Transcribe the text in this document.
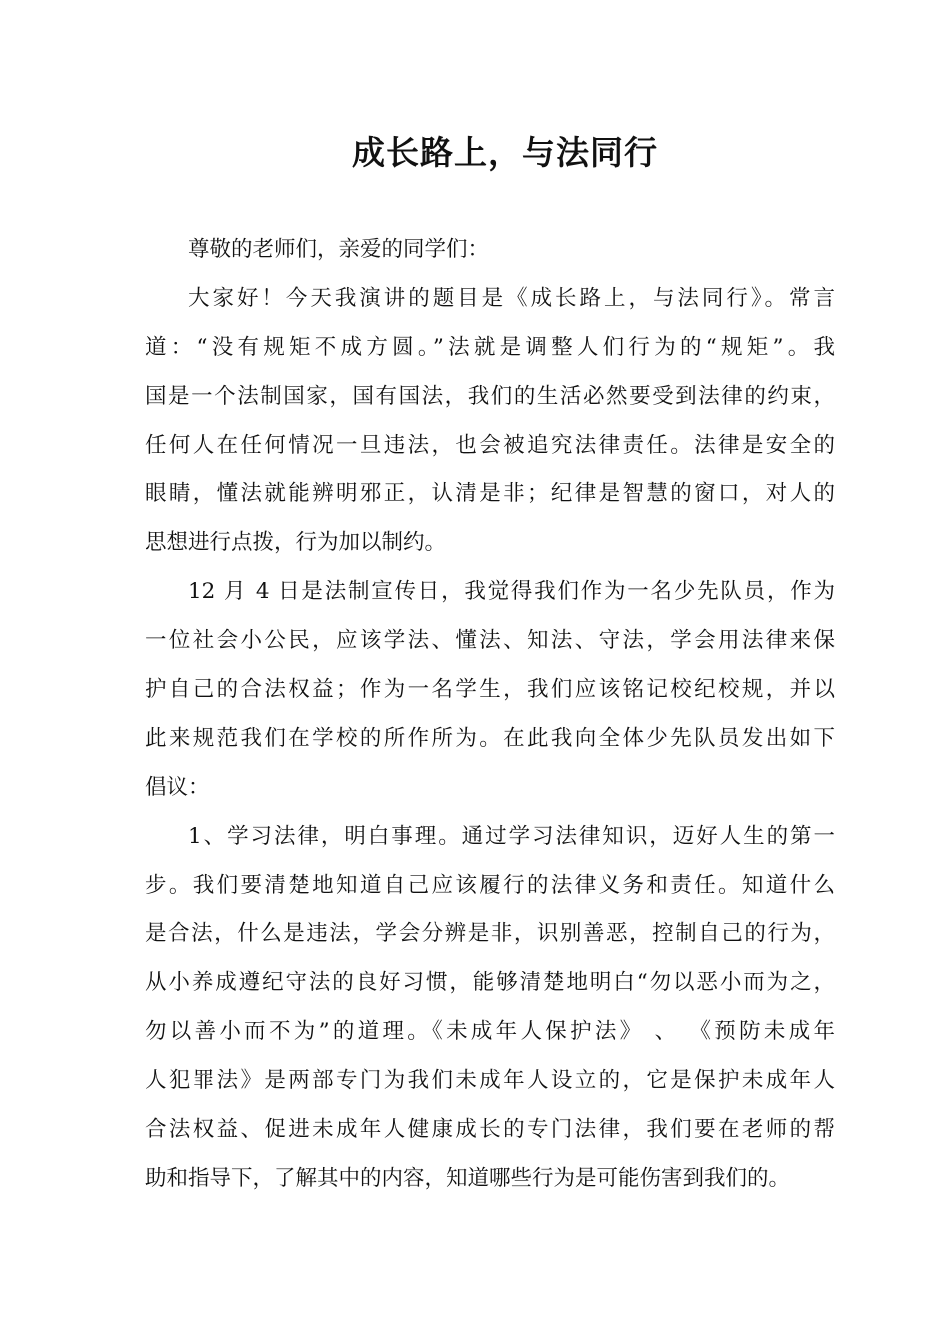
成长路上，与法同行
尊敬的老师们，亲爱的同学们：
大家好！今天我演讲的题目是《成长路上，与法同行》。常言
道：“没有规矩不成方圆。”法就是调整人们行为的“规矩”。我
国是一个法制国家，国有国法，我们的生活必然要受到法律的约束，
任何人在任何情况一旦违法，也会被追究法律责任。法律是安全的
眼睛，懂法就能辨明邪正，认清是非；纪律是智慧的窗口，对人的
思想进行点拨，行为加以制约。
12 月 4 日是法制宣传日，我觉得我们作为一名少先队员，作为
一位社会小公民，应该学法、懂法、知法、守法，学会用法律来保
护自己的合法权益；作为一名学生，我们应该铭记校纪校规，并以
此来规范我们在学校的所作所为。在此我向全体少先队员发出如下
倡议：
1、学习法律，明白事理。通过学习法律知识，迈好人生的第一
步。我们要清楚地知道自己应该履行的法律义务和责任。知道什么
是合法，什么是违法，学会分辨是非，识别善恶，控制自己的行为，
从小养成遵纪守法的良好习惯，能够清楚地明白“勿以恶小而为之，
勿以善小而不为”的道理。《未成年人保护法》 、 《预防未成年
人犯罪法》是两部专门为我们未成年人设立的，它是保护未成年人
合法权益、促进未成年人健康成长的专门法律，我们要在老师的帮
助和指导下，了解其中的内容，知道哪些行为是可能伤害到我们的。
